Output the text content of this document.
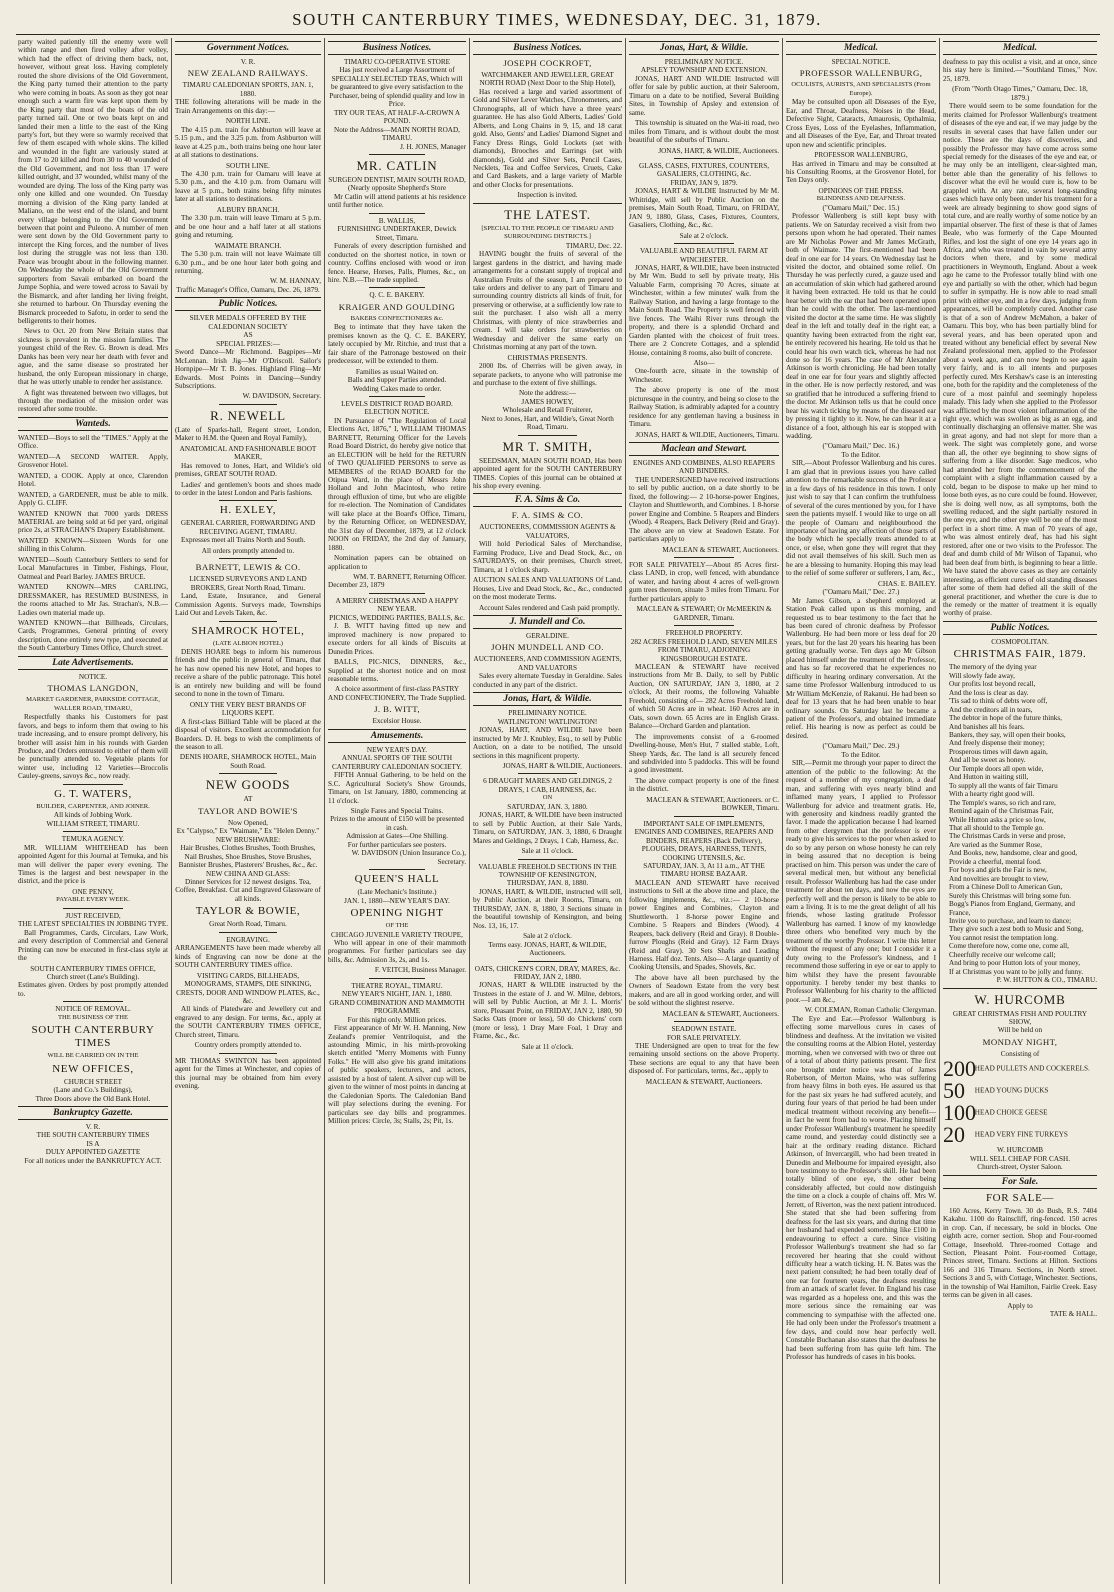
SOUTH CANTERBURY TIMES, WEDNESDAY, DEC. 31, 1879.

party waited patiently till the enemy were well within range and then fired volley after volley, which had the effect of driving them back, not, however, without great loss. Having completely routed the shore divisions of the Old Government, the King party turned their attention to the party who were coming in boats. As soon as they got near enough such a warm fire was kept upon them by the King party that most of the boats of the old party turned tail. One or two boats kept on and landed their men a little to the east of the King party's fort, but they were so warmly received that few of them escaped with whole skins. The killed and wounded in the fight are variously stated at from 17 to 20 killed and from 30 to 40 wounded of the Old Government, and not less than 17 were killed outright, and 37 wounded, whilst many of the wounded are dying. The loss of the King party was only one killed and one wounded. On Tuesday morning a division of the King party landed at Maliano, on the west end of the island, and burnt every village belonging to the Old Government between that point and Puleono. A number of men were sent down by the Old Government party to intercept the King forces, and the number of lives lost during the struggle was not less than 130. Peace was brought about in the following manner. On Wednesday the whole of the Old Government supporters from Savaii embarked on board the Jumpe Sophia, and were towed across to Savaii by the Bismarck, and after landing her living freight, she returned to harbour. On Thursday evening the Bismarck proceeded to Safotu, in order to send the belligerents to their homes.

News to Oct. 20 from New Britain states that sickness is prevalent in the mission families. The youngest child of the Rev. G. Brown is dead. Mrs Danks has been very near her death with fever and ague, and the same disease so prostrated her husband, the only European missionary in charge, that he was utterly unable to render her assistance.

A fight was threatened between two villages, but through the mediation of the mission order was restored after some trouble.

Wanteds.

WANTED—Boys to sell the "TIMES." Apply at the Office.

WANTED—A SECOND WAITER. Apply, Grosvenor Hotel.

WANTED, a COOK. Apply at once, Clarendon Hotel.

WANTED, a GARDENER, must be able to milk. Apply G. CLIFF.

WANTED KNOWN that 7000 yards DRESS MATERIAL are being sold at 6d per yard, original price 2s, at STRACHAN'S Drapery Establishment.

WANTED KNOWN—Sixteen Words for one shilling in this Column.

WANTED—South Canterbury Settlers to send for Local Manufactures in Timber, Fishings, Flour, Oatmeal and Pearl Barley. JAMES BRUCE.

WANTED KNOWN—MRS CARLING, DRESSMAKER, has RESUMED BUSINESS, in the rooms attached to Mr Jas. Strachan's, N.B.—Ladies own material made up.

WANTED KNOWN—that Billheads, Circulars, Cards, Programmes, General printing of every description, done entirely new type, and executed at the South Canterbury Times Office, Church street.

Late Advertisements.
NOTICE.
THOMAS LANGDON,
MARKET GARDENER, PARKSIDE COTTAGE, WALLER ROAD, TIMARU,

Respectfully thanks his Customers for past favors, and begs to inform them that owing to his trade increasing, and to ensure prompt delivery, his brother will assist him in his rounds with Garden Produce, and Orders entrusted to either of them will be punctually attended to. Vegetable plants for winter use, including 12 Varieties—Broccolis Cauley-greens, savoys &c., now ready.

G. T. WATERS,
BUILDER, CARPENTER, AND JOINER.
All kinds of Jobbing Work.
WILLIAM STREET, TIMARU.
TEMUKA AGENCY.

MR. WILLIAM WHITEHEAD has been appointed Agent for this Journal at Temuka, and his man will deliver the paper every evening. The Times is the largest and best newspaper in the district, and the price is

ONE PENNY,
PAYABLE EVERY WEEK.
JUST RECEIVED,
THE LATEST SPECIALTIES IN JOBBING TYPE.

Ball Programmes, Cards, Circulars, Law Work, and every description of Commercial and General Printing can now be executed in first-class style at the

SOUTH CANTERBURY TIMES OFFICE,
Church street (Lane's Building).

Estimates given. Orders by post promptly attended to.

NOTICE OF REMOVAL.
THE BUSINESS OF THE
SOUTH CANTERBURY TIMES
WILL BE CARRIED ON IN THE
NEW OFFICES,
CHURCH STREET
(Lane and Co.'s Buildings),
Three Doors above the Old Bank Hotel.
Bankruptcy Gazette.
V. R.
THE SOUTH CANTERBURY TIMES
IS A
DULY APPOINTED GAZETTE
For all notices under the BANKRUPTCY ACT.
Government Notices.
V. R.
NEW ZEALAND RAILWAYS.
TIMARU CALEDONIAN SPORTS, JAN. 1, 1880.

THE following alterations will be made in the Train Arrangements on this day:—

NORTH LINE.

The 4.15 p.m. train for Ashburton will leave at 5.15 p.m., and the 3.25 p.m. from Ashburton will leave at 4.25 p.m., both trains being one hour later at all stations to destinations.

SOUTH LINE.

The 4.30 p.m. train for Oamaru will leave at 5.30 p.m., and the 4.10 p.m. from Oamaru will leave at 5 p.m., both trains being fifty minutes later at all stations to destinations.

ALBURY BRANCH.

The 3.30 p.m. train will leave Timaru at 5 p.m. and be one hour and a half later at all stations going and returning.

WAIMATE BRANCH.

The 5.30 p.m. train will not leave Waimate till 6.30 p.m., and be one hour later both going and returning.

W. M. HANNAY,
Traffic Manager's Office, Oamaru, Dec. 26, 1879.
Public Notices.
SILVER MEDALS OFFERED BY THE CALEDONIAN SOCIETY
AS
SPECIAL PRIZES:—

Sword Dance—Mr Richmond. Bagpipes—Mr McLennan. Irish Jig—Mr O'Driscoll. Sailor's Hornpipe—Mr T. B. Jones. Highland Fling—Mr Edwards. Most Points in Dancing—Sundry Subscriptions.

W. DAVIDSON, Secretary.
R. NEWELL

(Late of Sparks-hall, Regent street, London, Maker to H.M. the Queen and Royal Family),

ANATOMICAL AND FASHIONABLE BOOT MAKER,

Has removed to Jones, Hart, and Wildie's old premises, GREAT SOUTH ROAD.

Ladies' and gentlemen's boots and shoes made to order in the latest London and Paris fashions.

H. EXLEY,
GENERAL CARRIER, FORWARDING AND RECEIVING AGENT, TIMARU.

Expresses meet all Trains North and South.

All orders promptly attended to.
BARNETT, LEWIS & CO.
LICENSED SURVEYORS AND LAND BROKERS, Great North Road, Timaru.

Land, Estate, Insurance, and General Commission Agents. Surveys made, Townships Laid Out and Levels Taken, &c.

SHAMROCK HOTEL,
(LATE ALBION HOTEL)

DENIS HOARE begs to inform his numerous friends and the public in general of Timaru, that he has now opened his new Hotel, and hopes to receive a share of the public patronage. This hotel is an entirely new building and will be found second to none in the town of Timaru.

ONLY THE VERY BEST BRANDS OF LIQUORS KEPT.

A first-class Billiard Table will be placed at the disposal of visitors. Excellent accommodation for Boarders. D. H. begs to wish the compliments of the season to all.

DENIS HOARE, SHAMROCK HOTEL, Main South Road.
NEW GOODS
AT
TAYLOR AND BOWIE'S
Now Opened,
Ex "Calypso," Ex "Waimate," Ex "Helen Denny."
NEW BRUSHWARE:
Hair Brushes, Clothes Brushes, Tooth Brushes, Nail Brushes, Shoe Brushes, Stove Brushes, Bannister Brushes, Plasterers' Brushes, &c., &c.
NEW CHINA AND GLASS:
Dinner Services for 12 newest designs. Tea, Coffee, Breakfast. Cut and Engraved Glassware of all kinds.
TAYLOR & BOWIE,
Great North Road, Timaru.
ENGRAVING.

ARRANGEMENTS have been made whereby all kinds of Engraving can now be done at the SOUTH CANTERBURY TIMES office.

VISITING CARDS, BILLHEADS, MONOGRAMS, STAMPS, DIE SINKING, CRESTS, DOOR AND WINDOW PLATES, &c., &c.

All kinds of Platedware and Jewellery cut and engraved to any design. For terms, &c., apply at the SOUTH CANTERBURY TIMES OFFICE, Church street, Timaru.

Country orders promptly attended to.

MR THOMAS SWINTON has been appointed agent for the Times at Winchester, and copies of this journal may be obtained from him every evening.

Business Notices.
TIMARU CO-OPERATIVE STORE
Has just received a Large Assortment of SPECIALLY SELECTED TEAS, Which will be guaranteed to give every satisfaction to the Purchaser, being of splendid quality and low in Price.
TRY OUR TEAS, AT HALF-A-CROWN A POUND.
Note the Address—MAIN NORTH ROAD, TIMARU.
J. H. JONES, Manager
MR. CATLIN
SURGEON DENTIST, MAIN SOUTH ROAD,
(Nearly opposite Shepherd's Store

Mr Catlin will attend patients at his residence until further notice.

B. WALLIS,
FURNISHING UNDERTAKER, Dewick Street, Timaru.

Funerals of every description furnished and conducted on the shortest notice, in town or country. Coffins enclosed with wood or iron fence. Hearse, Horses, Palls, Plumes, &c., on hire. N.B.—The trade supplied.

Q. C. E. BAKERY.
KRAIGER AND GOULDING
BAKERS CONFECTIONERS &c.

Beg to intimate that they have taken the premises known as the Q. C. E. BAKERY, lately occupied by Mr. Ritchie, and trust that a fair share of the Patronage bestowed on their predecessor, will be extended to them.

Families as usual Waited on.
Balls and Supper Parties attended.
Wedding Cakes made to order.
LEVELS DISTRICT ROAD BOARD.
ELECTION NOTICE.

IN Pursuance of "The Regulation of Local Elections Act, 1876," I, WILLIAM THOMAS BARNETT, Returning Officer for the Levels Road Board District, do hereby give notice that an ELECTION will be held for the RETURN of TWO QUALIFIED PERSONS to serve as MEMBERS of the ROAD BOARD for the Otipua Ward, in the place of Messrs John Holland and John Macintosh, who retire through effluxion of time, but who are eligible for re-election. The Nomination of Candidates will take place at the Board's Office, Timaru, by the Returning Officer, on WEDNESDAY, the 31st day of December, 1879, at 12 o'clock NOON on FRIDAY, the 2nd day of January, 1880.

Nomination papers can be obtained on application to

WM. T. BARNETT, Returning Officer.
December 23, 1879
A MERRY CHRISTMAS AND A HAPPY NEW YEAR.
PICNICS, WEDDING PARTIES, BALLS, &c.

J. B. WITT having fitted up new and improved machinery is now prepared to execute orders for all kinds of Biscuits at Dunedin Prices.

BALLS, PIC-NICS, DINNERS, &c., Supplied at the shortest notice and on most reasonable terms.

A choice assortment of first-class PASTRY AND CONFECTIONERY, The Trade Supplied.
J. B. WITT,
Excelsior House.
Amusements.
NEW YEAR'S DAY.
ANNUAL SPORTS OF THE SOUTH CANTERBURY CALEDONIAN SOCIETY.

FIFTH Annual Gathering, to be held on the S.C. Agricultural Society's Show Grounds, Timaru, on 1st January, 1880, commencing at 11 o'clock.

Single Fares and Special Trains.
Prizes to the amount of £150 will be presented in cash.
Admission at Gates—One Shilling.
For further particulars see posters.
W. DAVIDSON (Union Insurance Co.), Secretary.
QUEEN'S HALL
(Late Mechanic's Institute.)
JAN. 1, 1880—NEW YEAR'S DAY.
OPENING NIGHT
OF THE
CHICAGO JUVENILE VARIETY TROUPE,

Who will appear in one of their mammoth programmes. For further particulars see day bills, &c. Admission 3s, 2s, and 1s.

F. VEITCH, Business Manager.
THEATRE ROYAL, TIMARU.
NEW YEAR'S NIGHT, JAN. 1, 1880.
GRAND COMBINATION AND MAMMOTH PROGRAMME
For this night only. Million prices.

First appearance of Mr W. H. Manning, New Zealand's premier Ventriloquist, and the astounding Mimic, in his mirth-provoking sketch entitled "Merry Moments with Funny Folks." He will also give his grand imitations of public speakers, lecturers, and actors, assisted by a host of talent. A silver cup will be given to the winner of most points in dancing at the Caledonian Sports. The Caledonian Band will play selections during the evening. For particulars see day bills and programmes. Million prices: Circle, 3s; Stalls, 2s; Pit, 1s.

Business Notices.
JOSEPH COCKROFT,
WATCHMAKER AND JEWELLER, GREAT NORTH ROAD (Next Door to the Ship Hotel),

Has received a large and varied assortment of Gold and Silver Lever Watches, Chronometers, and Chronographs, all of which have a three years' guarantee. He has also Gold Alberts, Ladies' Gold Alberts, and Long Chains in 9, 15, and 18 carat gold. Also, Gents' and Ladies' Diamond Signet and Fancy Dress Rings, Gold Lockets (set with diamonds), Brooches and Earrings (set with diamonds), Gold and Silver Sets, Pencil Cases, Necklets, Tea and Coffee Services, Cruets, Cake and Card Baskets, and a large variety of Marble and other Clocks for presentations.

Inspection is invited.
THE LATEST.
[SPECIAL TO THE PEOPLE OF TIMARU AND SURROUNDING DISTRICTS.]
TIMARU, Dec. 22.

HAVING bought the fruits of several of the largest gardens in the district, and having made arrangements for a constant supply of tropical and Australian Fruits of the season, I am prepared to take orders and deliver to any part of Timaru and surrounding country districts all kinds of fruit, for preserving or otherwise, at a sufficiently low rate to suit the purchaser. I also wish all a merry Christmas, with plenty of nice strawberries and cream. I will take orders for strawberries on Wednesday and deliver the same early on Christmas morning at any part of the town.

CHRISTMAS PRESENTS.

2000 lbs. of Cherries will be given away, in separate packets, to anyone who will patronise me and purchase to the extent of five shillings.

Note the address:—
JAMES HOWEY,
Wholesale and Retail Fruiterer,
Next to Jones, Hart, and Wildie's, Great North Road, Timaru.
MR T. SMITH,

SEEDSMAN, MAIN SOUTH ROAD, Has been appointed agent for the SOUTH CANTERBURY TIMES. Copies of this journal can be obtained at his shop every evening.

F. A. Sims & Co.
F. A. SIMS & CO.
AUCTIONEERS, COMMISSION AGENTS & VALUATORS,

Will hold Periodical Sales of Merchandise, Farming Produce, Live and Dead Stock, &c., on SATURDAYS, on their premises, Church street, Timaru, at 1 o'clock sharp.

AUCTION SALES AND VALUATIONS Of Land, Houses, Live and Dead Stock, &c., &c., conducted on the most moderate Terms.

Account Sales rendered and Cash paid promptly.

J. Mundell and Co.
GERALDINE.
JOHN MUNDELL AND CO.
AUCTIONEERS, AND COMMISSION AGENTS, AND VALUATORS

Sales every alternate Tuesday in Geraldine. Sales conducted in any part of the district.

Jonas, Hart, & Wildie.
PRELIMINARY NOTICE.
WATLINGTON! WATLINGTON!

JONAS, HART, AND WILDIE have been instructed by Mr J. Knubley, Esq., to sell by Public Auction, on a date to be notified, The unsold sections in this magnificent property.

JONAS, HART & WILDIE, Auctioneers.
6 DRAUGHT MARES AND GELDINGS, 2 DRAYS, 1 CAB, HARNESS, &c.
ON
SATURDAY, JAN. 3, 1880.

JONAS, HART, & WILDIE have been instructed to sell by Public Auction, at their Sale Yards, Timaru, on SATURDAY, JAN. 3, 1880, 6 Draught Mares and Geldings, 2 Drays, 1 Cab, Harness, &c.

Sale at 11 o'clock.
VALUABLE FREEHOLD SECTIONS IN THE TOWNSHIP OF KENSINGTON,
THURSDAY, JAN. 8, 1880.

JONAS, HART, & WILDIE, instructed will sell, by Public Auction, at their Rooms, Timaru, on THURSDAY, JAN. 8, 1880, 3 Sections situate in the beautiful township of Kensington, and being Nos. 13, 16, 17.

Sale at 2 o'clock.
Terms easy. JONAS, HART, & WILDIE, Auctioneers.
OATS, CHICKEN'S CORN, DRAY, MARES, &c.
FRIDAY, JAN 2, 1880.

JONAS, HART & WILDIE instructed by the Trustees in the estate of J. and W. Milne, debtors, will sell by Public Auction, at Mr J. L. Morris' store, Pleasant Point, on FRIDAY, JAN 2, 1880, 90 Sacks Oats (more or less), 50 do Chickens' corn (more or less), 1 Dray Mare Foal, 1 Dray and Frame, &c., &c.

Sale at 11 o'clock.
Jonas, Hart, & Wildie.
PRELIMINARY NOTICE.
APSLEY TOWNSHIP AND EXTENSION.

JONAS, HART AND WILDIE Instructed will offer for sale by public auction, at their Saleroom, Timaru on a date to be notified, Several Building Sites, in Township of Apsley and extension of same.

This township is situated on the Wai-iti road, two miles from Timaru, and is without doubt the most beautiful of the suburbs of Timaru.

JONAS, HART, & WILDIE, Auctioneers.
GLASS, CASES, FIXTURES, COUNTERS, GASALIERS, CLOTHING, &c.
FRIDAY, JAN 9, 1879.

JONAS, HART & WILDIE Instructed by Mr M. Whitridge, will sell by Public Auction on the premises, Main South Road, Timaru, on FRIDAY, JAN 9, 1880, Glass, Cases, Fixtures, Counters, Gasaliers, Clothing, &c., &c.

Sale at 2 o'clock.
VALUABLE AND BEAUTIFUL FARM AT WINCHESTER.

JONAS, HART, & WILDIE, have been instructed by Mr Wm. Budd to sell by private treaty, His Valuable Farm, comprising 70 Acres, situate at Winchester, within a few minutes' walk from the Railway Station, and having a large frontage to the Main South Road. The Property is well fenced with live fences. The Waihi River runs through the property, and there is a splendid Orchard and Garden planted with the choicest of fruit trees. There are 2 Concrete Cottages, and a splendid House, containing 8 rooms, also built of concrete.

Also—

One-fourth acre, situate in the township of Winchester.

The above property is one of the most picturesque in the country, and being so close to the Railway Station, is admirably adapted for a country residence for any gentleman having a business in Timaru.

JONAS, HART & WILDIE, Auctioneers, Timaru.
Maclean and Stewart.
ENGINES AND COMBINES, ALSO REAPERS AND BINDERS.

THE UNDERSIGNED have received instructions to sell by public auction, on a date shortly to be fixed, the following:— 2 10-horse-power Engines, Clayton and Shuttleworth, and Combines. 1 8-horse power Engine and Combine. 5 Reapers and Binders (Wood). 4 Reapers, Back Delivery (Reid and Gray). The above are on view at Seadown Estate. For particulars apply to

MACLEAN & STEWART, Auctioneers.

FOR SALE PRIVATELY—About 85 Acres first-class LAND, in crop, well fenced, with abundance of water, and having about 4 acres of well-grown gum trees thereon, situate 3 miles from Timaru. For further particulars apply to

MACLEAN & STEWART; Or McMEEKIN & GARDNER, Timaru.
FREEHOLD PROPERTY.
282 ACRES FREEHOLD LAND, SEVEN MILES FROM TIMARU, ADJOINING KINGSBOROUGH ESTATE.

MACLEAN & STEWART have received instructions from Mr B. Daily, to sell by Public Auction, ON SATURDAY, JAN 3, 1880, at 2 o'clock, At their rooms, the following Valuable Freehold, consisting of— 282 Acres Freehold land, of which 50 Acres are in wheat. 160 Acres are in Oats, sown down. 65 Acres are in English Grass. Balance—Orchard Garden and plantation.

The improvements consist of a 6-roomed Dwelling-house, Men's Hut, 7 stalled stable, Loft, Sheep Yards, &c. The land is all securely fenced and subdivided into 5 paddocks. This will be found a good investment.

The above compact property is one of the finest in the district.

MACLEAN & STEWART, Auctioneers. or C. BOWKER, Timaru.
IMPORTANT SALE OF IMPLEMENTS, ENGINES AND COMBINES, REAPERS AND BINDERS, REAPERS (Back Delivery), PLOUGHS, DRAYS, HARNESS, TENTS, COOKING UTENSILS, &c.
SATURDAY, JAN. 3, At 11 a.m., AT THE TIMARU HORSE BAZAAR.

MACLEAN AND STEWART have received instructions to Sell at the above time and place, the following implements, &c., viz.:— 2 10-horse power Engines and Combines, Clayton and Shuttleworth. 1 8-horse power Engine and Combine. 5 Reapers and Binders (Wood). 4 Reapers, back delivery (Reid and Gray). 8 Double-furrow Ploughs (Reid and Gray). 12 Farm Drays (Reid and Gray). 30 Sets Shafts and Leading Harness. Half doz. Tents. Also— A large quantity of Cooking Utensils, and Spades, Shovels, &c.

The above have all been purchased by the Owners of Seadown Estate from the very best makers, and are all in good working order, and will be sold without the slightest reserve.

MACLEAN & STEWART, Auctioneers.
SEADOWN ESTATE.
FOR SALE PRIVATELY.

THE Undersigned are open to treat for the few remaining unsold sections on the above Property. These sections are equal to any that have been disposed of. For particulars, terms, &c., apply to

MACLEAN & STEWART, Auctioneers.
Medical.
SPECIAL NOTICE.
PROFESSOR WALLENBURG,
OCULISTS, AURISTS, AND SPECIALISTS (From Europe).

May be consulted upon all Diseases of the Eye, Ear, and Throat, Deafness, Noises in the Head, Defective Sight, Cataracts, Amaurosis, Opthalmia, Cross Eyes, Loss of the Eyelashes, Inflammation, and all Diseases of the Eye, Ear, and Throat treated upon new and scientific principles.

PROFESSOR WALLENBURG,

Has arrived in Timaru and may be consulted at his Consulting Rooms, at the Grosvenor Hotel, for Ten Days only.

OPINIONS OF THE PRESS.
BLINDNESS AND DEAFNESS.
("Oamaru Mail," Dec. 15.)

Professor Wallenberg is still kept busy with patients. We on Saturday received a visit from two persons upon whom he had operated. Their names are Mr Nicholas Power and Mr James McGrath, both of Waimate. The first-mentioned had been deaf in one ear for 14 years. On Wednesday last he visited the doctor, and obtained some relief. On Thursday he was perfectly cured, a gauze used and an accumulation of skin which had gathered around it having been extracted. He told us that he could hear better with the ear that had been operated upon than he could with the other. The last-mentioned visited the doctor at the same time. He was slightly deaf in the left and totally deaf in the right ear, a quantity having been extracted from the right ear, he entirely recovered his hearing. He told us that he could hear his own watch tick, whereas he had not done so for 16 years. The case of Mr Alexander Atkinson is worth chronicling. He had been totally deaf in one ear for four years and slightly affected in the other. He is now perfectly restored, and was so gratified that he introduced a suffering friend to the doctor. Mr Atkinson tells us that he could once hear his watch ticking by means of the diseased ear by pressing it tightly to it. Now, he can hear it at a distance of a foot, although his ear is stopped with wadding.

("Oamaru Mail," Dec. 16.)
To the Editor.

SIR,—About Professor Wallenburg and his cures. I am glad that in previous issues you have called attention to the remarkable success of the Professor in a few days of his residence in this town. I only just wish to say that I can confirm the truthfulness of several of the cures mentioned by you, for I have seen the patients myself. I would like to urge on all the people of Oamaru and neighbourhood the importance of having any affection of those parts of the body which he specially treats attended to at once, or else, when gone they will regret that they did not avail themselves of his skill. Such men as he are a blessing to humanity. Hoping this may lead to the relief of some sufferer or sufferers, I am, &c.,

CHAS. E. BAILEY.
("Oamaru Mail," Dec. 27.)

Mr James Gibson, a shepherd employed at Station Peak called upon us this morning, and requested us to bear testimony to the fact that he has been cured of chronic deafness by Professor Wallenburg. He had been more or less deaf for 20 years, but for the last 20 years his hearing has been getting gradually worse. Ten days ago Mr Gibson placed himself under the treatment of the Professor, and has so far recovered that he experiences no difficulty in hearing ordinary conversation. At the same time Professor Wallenburg introduced to us Mr William McKenzie, of Rakanui. He had been so deaf for 13 years that he had been unable to hear ordinary sounds. On Saturday last he became a patient of the Professor's, and obtained immediate relief. His hearing is now as perfect as could be desired.

("Oamaru Mail," Dec. 29.)
To the Editor.

SIR,—Permit me through your paper to direct the attention of the public to the following: At the request of a member of my congregation, a deaf man, and suffering with eyes nearly blind and inflamed many years, I applied to Professor Wallenburg for advice and treatment gratis. He, with generosity and kindness readily granted the favor. I made the application because I had learned from other clergymen that the professor is ever ready to give his services to the poor when asked to do so by any person on whose honesty he can rely in being assured that no deception is being practised on him. This person was under the care of several medical men, but without any beneficial result. Professor Wallenburg has had the case under treatment for about ten days, and now the eyes are perfectly well and the person is likely to be able to earn a living. It is to me the great delight of all his friends, whose lasting gratitude Professor Wallenburg has earned. I know of my knowledge three others who benefited very much by the treatment of the worthy Professor. I write this letter without the request of any one; but I consider it a duty owing to the Professor's kindness, and I recommend those suffering in eye or ear to apply to him whilst they have the present favourable opportunity. I hereby tender my best thanks to Professor Wallenburg for his charity to the afflicted poor.—I am &c.,

W. COLEMAN, Roman Catholic Clergyman.

The Eye and Ear.—Professor Wallenburg is effecting some marvellous cures in cases of blindness and deafness. At the invitation we visited the consulting rooms at the Albion Hotel, yesterday morning, when we conversed with two or three out of a total of about thirty patients present. The first one brought under notice was that of James Robertson, of Merton Mains, who was suffering from heavy films in both eyes. He assured us that for the past six years he had suffered acutely, and during four years of that period he had been under medical treatment without receiving any benefit—in fact he went from bad to worse. Placing himself under Professor Wallenburg's treatment he speedily came round, and yesterday could distinctly see a hair at the ordinary reading distance. Richard Atkinson, of Invercargill, who had been treated in Dunedin and Melbourne for impaired eyesight, also bore testimony to the Professor's skill. He had been totally blind of one eye, the other being considerably affected, but could now distinguish the time on a clock a couple of chains off. Mrs W. Jerrett, of Riverton, was the next patient introduced. She stated that she had been suffering from deafness for the last six years, and during that time her husband had expended something like £100 in endeavouring to effect a cure. Since visiting Professor Wallenburg's treatment she had so far recovered her hearing that she could without difficulty hear a watch ticking. H. N. Bates was the next patient consulted; he had been totally deaf of one ear for fourteen years, the deafness resulting from an attack of scarlet fever. In England his case was regarded as a hopeless one, and this was the more serious since the remaining ear was commencing to sympathise with the affected one. He had only been under the Professor's treatment a few days, and could now hear perfectly well. Constable Buchanan also states that the deafness he had been suffering from has quite left him. The Professor has hundreds of cases in his books.

Medical.

deafness to pay this oculist a visit, and at once, since his stay here is limited.—"Southland Times," Nov. 25, 1879.

(From "North Otago Times," Oamaru, Dec. 18, 1879.)

There would seem to be some foundation for the merits claimed for Professor Wallenburg's treatment of diseases of the eye and ear, if we may judge by the results in several cases that have fallen under our notice. These are the days of discoveries, and possibly the Professor may have come across some special remedy for the diseases of the eye and ear, or he may only be an intelligent, clear-sighted man, better able than the generality of his fellows to discover what the evil he would cure is, how to be grappled with. At any rate, several long-standing cases which have only been under his treatment for a week are already beginning to show good signs of total cure, and are really worthy of some notice by an impartial observer. The first of these is that of James Beale, who was formerly of the Cape Mounted Rifles, and lost the sight of one eye 14 years ago in Africa, and who was treated in vain by several army doctors when there, and by some medical practitioners in Weymouth, England. About a week ago he came to the Professor totally blind with one eye and partially so with the other, which had begun to suffer in sympathy. He is now able to read small print with either eye, and in a few days, judging from appearances, will be completely cured. Another case is that of a son of Andrew McMahon, a baker of Oamaru. This boy, who has been partially blind for several years, and has been operated upon and treated without any beneficial effect by several New Zealand professional men, applied to the Professor about a week ago, and can now begin to see again very fairly, and is to all intents and purposes perfectly cured. Mrs Kershaw's case is an interesting one, both for the rapidity and the completeness of the cure of a most painful and seemingly hopeless malady. This lady when she applied to the Professor was afflicted by the most violent inflammation of the right eye, which was swollen as big as an egg, and continually discharging an offensive matter. She was in great agony, and had not slept for more than a week. The sight was completely gone, and worse than all, the other eye beginning to show signs of suffering from a like disorder. Sage medicos, who had attended her from the commencement of the complaint with a slight inflammation caused by a cold, began to be dispose to make up her mind to loose both eyes, as no cure could be found. However, she is doing well now, as all symptoms, both the swelling reduced, and the sight partially restored in the one eye, and the other eye will be one of the most perfect in a short time. A man of 70 years of age, who was almost entirely deaf, has had his sight restored, after one or two visits to the Professor. The deaf and dumb child of Mr Wilson of Tapanui, who had been deaf from birth, is beginning to hear a little. We have stated the above cases as they are certainly interesting, as efficient cures of old standing diseases after some of them had defied all the skill of the general practitioner, and whether the cure is due to the remedy or the matter of treatment it is equally worthy of praise.

Public Notices.
COSMOPOLITAN.
CHRISTMAS FAIR, 1879.
The memory of the dying year
Will slowly fade away,
Our profits lost beyond recall,
And the loss is clear as day.
'Tis sad to think of debts wore off,
And the creditors all in tears,
The debtor in hope of the future thinks,
And banishes all his fears.
Bankers, they say, will open their books,
And freely dispense their money;
Prosperous times will dawn again,
And all be sweet as honey.
Our Temple doors all open wide,
And Hutton in waiting still,
To supply all the wants of fair Timaru
With a hearty right good will.
The Temple's wares, so rich and rare,
Remind again of the Christmas Fair,
While Hutton asks a price so low,
That all should to the Temple go.
The Christmas Cards in verse and prose,
Are varied as the Summer Rose,
And Books, new, handsome, clear and good,
Provide a cheerful, mental food.
For boys and girls the Fair is new,
And novelties are brought to view,
From a Chinese Doll to American Gun,
Surely this Christmas will bring some fun.
Bogg's Pianos from England, Germany, and France,
Invite you to purchase, and learn to dance;
They give such a zest both to Music and Song,
You cannot resist the temptation long.
Come therefore now, come one, come all,
Cheerfully receive our welcome call;
And bring to poor Hutton lots of your money,
If at Christmas you want to be jolly and funny.
P. W. HUTTON & CO., TIMARU.
W. HURCOMB
GREAT CHRISTMAS FISH AND POULTRY SHOW,
Will be held on
MONDAY NIGHT,
Consisting of
200 HEAD PULLETS AND COCKERELS.
50 HEAD YOUNG DUCKS
100 HEAD CHOICE GEESE
20 HEAD VERY FINE TURKEYS
W. HURCOMB
WILL SELL CHEAP FOR CASH.
Church-street, Oyster Saloon.
For Sale.
FOR SALE—

160 Acres, Kerry Town. 30 do Bush, R.S. 7404 Kakahu. 1100 do Rainscliff, ring-fenced. 150 acres in crop. Can, if necessary, be sold in blocks. One eighth acre, corner section. Shop and Four-roomed Cottage, Inseehold. Three-roomed Cottage and Section, Pleasant Point. Four-roomed Cottage, Princes street, Timaru. Sections at Hilton. Sections 166 and 316 Timaru. Sections, in North street. Sections 3 and 5, with Cottage, Winchester. Sections, in the township of Wai Hamilton, Fairlie Creek. Easy terms can be given in all cases.

Apply to
TATE & HALL.
